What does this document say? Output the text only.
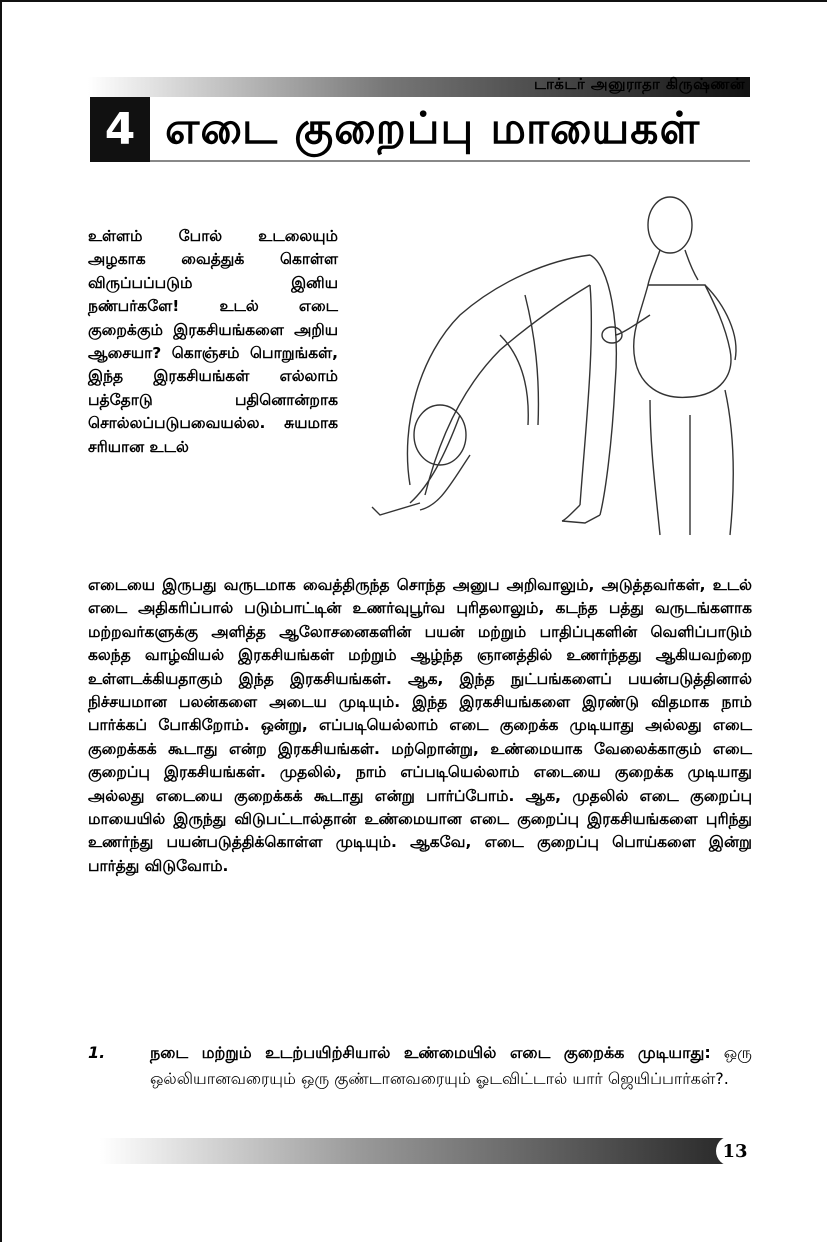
டாக்டர் அனுராதா கிருஷ்ணன்
4 எடை குறைப்பு மாயைகள்

உள்ளம் போல் உடலையும் அழகாக வைத்துக் கொள்ள விருப்பப்படும் இனிய நண்பர்களே! உடல் எடை குறைக்கும் இரகசியங்களை அறிய ஆசையா? கொஞ்சம் பொறுங்கள், இந்த இரகசியங்கள் எல்லாம் பத்தோடு பதினொன்றாக சொல்லப்படுபவையல்ல. சுயமாக சரியான உடல்

எடையை இருபது வருடமாக வைத்திருந்த சொந்த அனுப அறிவாலும், அடுத்தவர்கள், உடல் எடை அதிகரிப்பால் படும்பாட்டின் உணர்வுபூர்வ புரிதலாலும், கடந்த பத்து வருடங்களாக மற்றவர்களுக்கு அளித்த ஆலோசனைகளின் பயன் மற்றும் பாதிப்புகளின் வெளிப்பாடும் கலந்த வாழ்வியல் இரகசியங்கள் மற்றும் ஆழ்ந்த ஞானத்தில் உணர்ந்தது ஆகியவற்றை உள்ளடக்கியதாகும் இந்த இரகசியங்கள். ஆக, இந்த நுட்பங்களைப் பயன்படுத்தினால் நிச்சயமான பலன்களை அடைய முடியும். இந்த இரகசியங்களை இரண்டு விதமாக நாம் பார்க்கப் போகிறோம். ஒன்று, எப்படியெல்லாம் எடை குறைக்க முடியாது அல்லது எடை குறைக்கக் கூடாது என்ற இரகசியங்கள். மற்றொன்று, உண்மையாக வேலைக்காகும் எடை குறைப்பு இரகசியங்கள். முதலில், நாம் எப்படியெல்லாம் எடையை குறைக்க முடியாது அல்லது எடையை குறைக்கக் கூடாது என்று பார்ப்போம். ஆக, முதலில் எடை குறைப்பு மாயையில் இருந்து விடுபட்டால்தான் உண்மையான எடை குறைப்பு இரகசியங்களை புரிந்து உணர்ந்து பயன்படுத்திக்கொள்ள முடியும். ஆகவே, எடை குறைப்பு பொய்களை இன்று பார்த்து விடுவோம்.

1.	நடை மற்றும் உடற்பயிற்சியால் உண்மையில் எடை குறைக்க முடியாது: ஒரு ஒல்லியானவரையும் ஒரு குண்டானவரையும் ஓடவிட்டால் யார் ஜெயிப்பார்கள்?.
13
